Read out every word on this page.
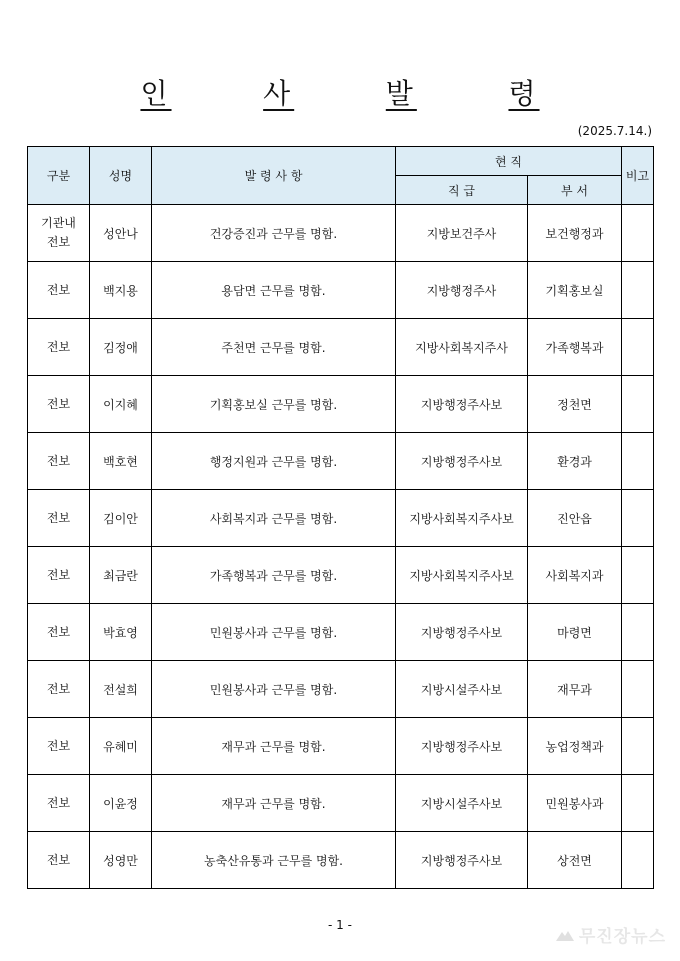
인	사	발	령
(2025.7.14.)
구분	성명	발 령 사 항	현 직		비고
			직 급	부 서	

기관내
전보	성안나	건강증진과 근무를 명함.	지방보건주사	보건행정과	

전보	백지용	용담면 근무를 명함.	지방행정주사	기획홍보실	

전보	김정애	주천면 근무를 명함.	지방사회복지주사	가족행복과	

전보	이지혜	기획홍보실 근무를 명함.	지방행정주사보	정천면	

전보	백호현	행정지원과 근무를 명함.	지방행정주사보	환경과	

전보	김이안	사회복지과 근무를 명함.	지방사회복지주사보	진안읍	

전보	최금란	가족행복과 근무를 명함.	지방사회복지주사보	사회복지과	

전보	박효영	민원봉사과 근무를 명함.	지방행정주사보	마령면	

전보	전설희	민원봉사과 근무를 명함.	지방시설주사보	재무과	

전보	유혜미	재무과 근무를 명함.	지방행정주사보	농업정책과	

전보	이윤정	재무과 근무를 명함.	지방시설주사보	민원봉사과	

전보	성영만	농축산유통과 근무를 명함.	지방행정주사보	상전면	
- 1 -
무진장뉴스
